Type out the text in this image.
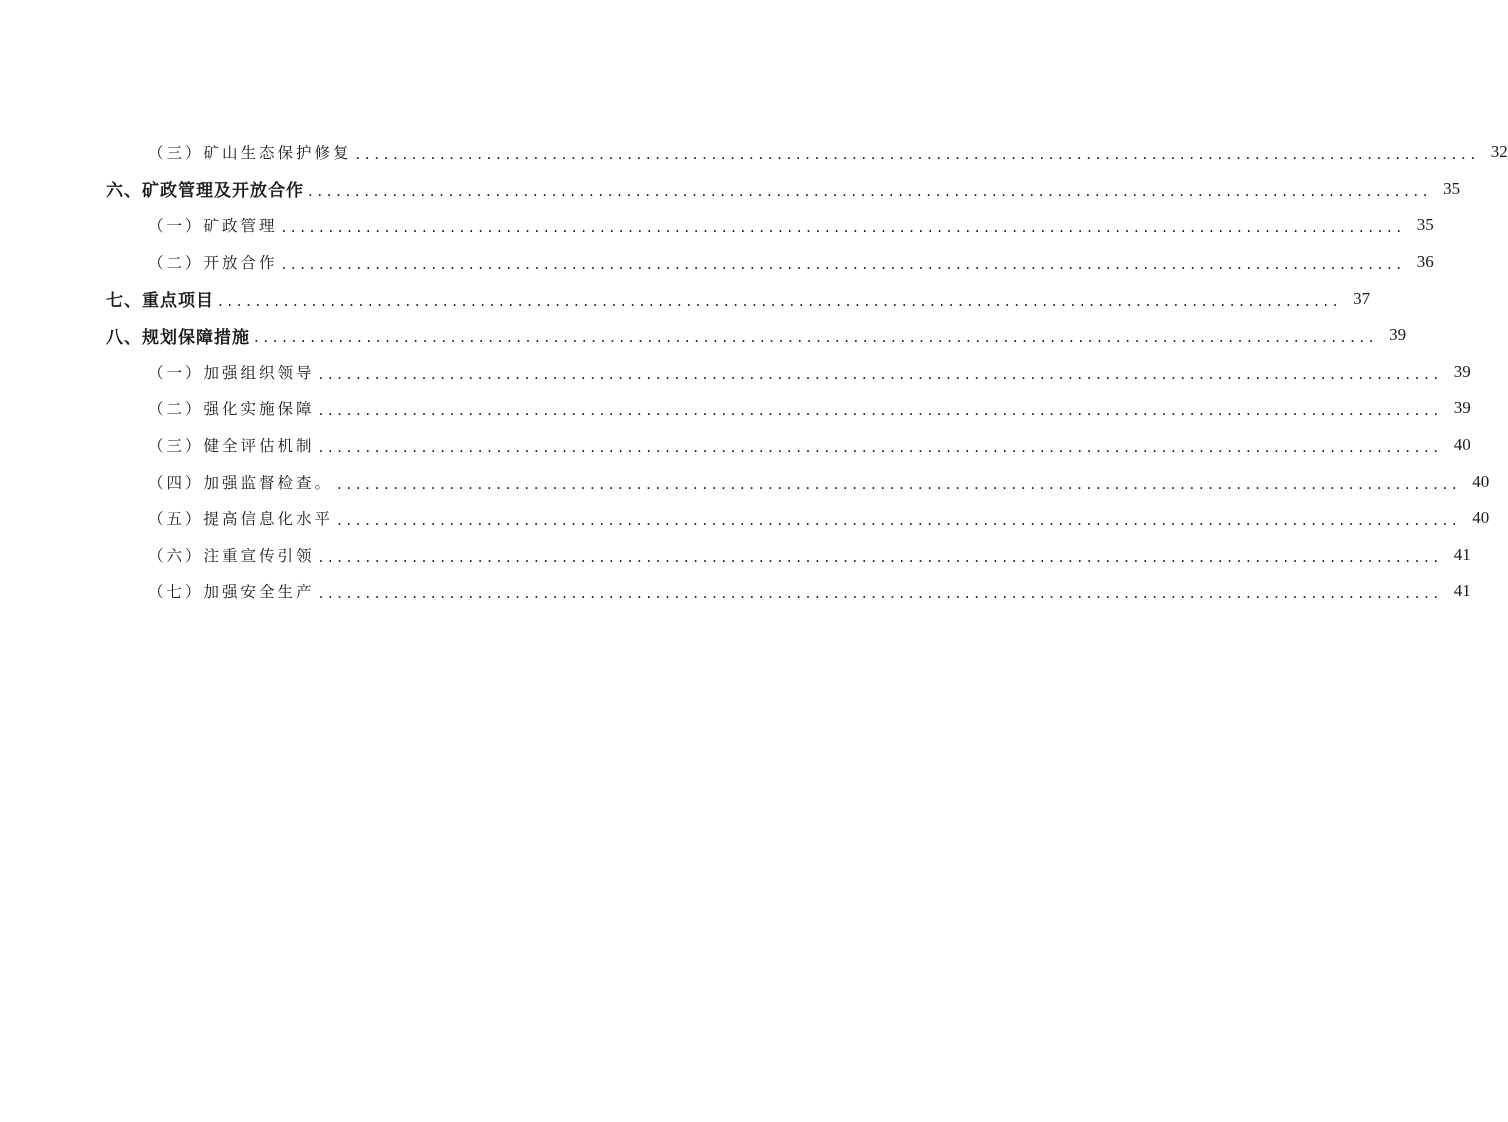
（三）矿山生态保护修复 ........................................................................................................................ 32
六、矿政管理及开放合作 ........................................................................................................................ 35
（一）矿政管理 ........................................................................................................................ 35
（二）开放合作 ........................................................................................................................ 36
七、重点项目 ........................................................................................................................ 37
八、规划保障措施 ........................................................................................................................ 39
（一）加强组织领导 ........................................................................................................................ 39
（二）强化实施保障 ........................................................................................................................ 39
（三）健全评估机制 ........................................................................................................................ 40
（四）加强监督检查。 ........................................................................................................................ 40
（五）提高信息化水平 ........................................................................................................................ 40
（六）注重宣传引领 ........................................................................................................................ 41
（七）加强安全生产 ........................................................................................................................ 41
